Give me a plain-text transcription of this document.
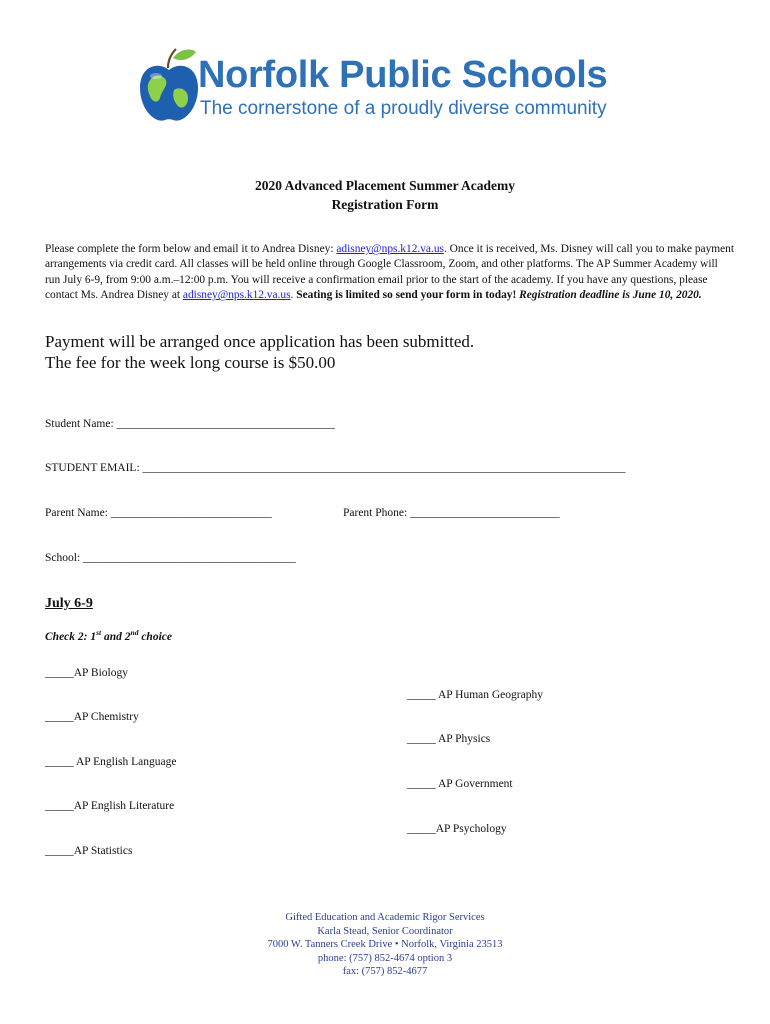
Norfolk Public Schools
The cornerstone of a proudly diverse community
2020 Advanced Placement Summer Academy
Registration Form
Please complete the form below and email it to Andrea Disney: adisney@nps.k12.va.us. Once it is received, Ms. Disney will call you to make payment arrangements via credit card. All classes will be held online through Google Classroom, Zoom, and other platforms. The AP Summer Academy will run July 6-9, from 9:00 a.m.–12:00 p.m. You will receive a confirmation email prior to the start of the academy. If you have any questions, please contact Ms. Andrea Disney at adisney@nps.k12.va.us. Seating is limited so send your form in today! Registration deadline is June 10, 2020.
Payment will be arranged once application has been submitted.
The fee for the week long course is $50.00
Student Name: ______________________________________
STUDENT EMAIL: ____________________________________________________________________________________
Parent Name: ____________________________	Parent Phone: __________________________
School: _____________________________________
July 6-9
Check 2: 1st and 2nd choice
_____AP Biology
_____ AP Human Geography
_____AP Chemistry
_____ AP Physics
_____ AP English Language
_____ AP Government
_____AP English Literature
_____AP Psychology
_____AP Statistics
Gifted Education and Academic Rigor Services
Karla Stead, Senior Coordinator
7000 W. Tanners Creek Drive • Norfolk, Virginia 23513
phone: (757) 852-4674 option 3
fax: (757) 852-4677
